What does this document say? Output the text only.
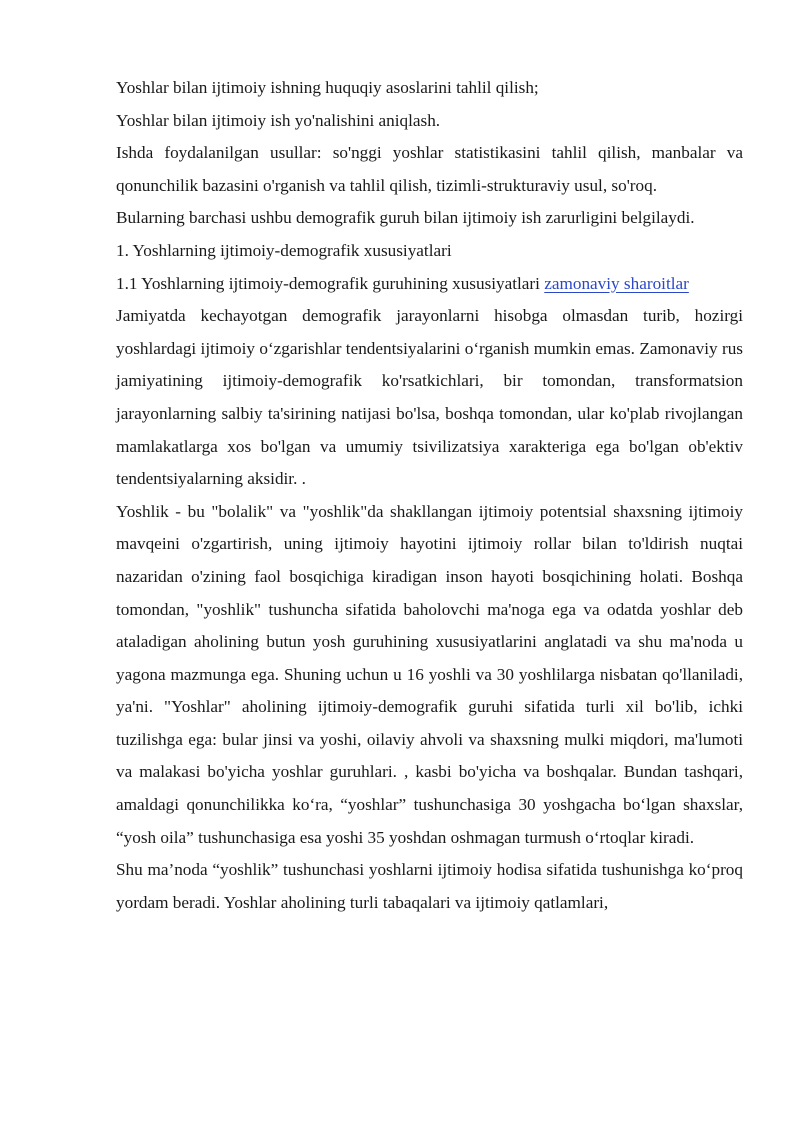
Yoshlar bilan ijtimoiy ishning huquqiy asoslarini tahlil qilish;

Yoshlar bilan ijtimoiy ish yo'nalishini aniqlash.

Ishda foydalanilgan usullar: so'nggi yoshlar statistikasini tahlil qilish, manbalar va qonunchilik bazasini o'rganish va tahlil qilish, tizimli-strukturaviy usul, so'roq.

Bularning barchasi ushbu demografik guruh bilan ijtimoiy ish zarurligini belgilaydi.

1. Yoshlarning ijtimoiy-demografik xususiyatlari

1.1 Yoshlarning ijtimoiy-demografik guruhining xususiyatlari zamonaviy sharoitlar

Jamiyatda kechayotgan demografik jarayonlarni hisobga olmasdan turib, hozirgi yoshlardagi ijtimoiy o‘zgarishlar tendentsiyalarini o‘rganish mumkin emas. Zamonaviy rus jamiyatining ijtimoiy-demografik ko'rsatkichlari, bir tomondan, transformatsion jarayonlarning salbiy ta'sirining natijasi bo'lsa, boshqa tomondan, ular ko'plab rivojlangan mamlakatlarga xos bo'lgan va umumiy tsivilizatsiya xarakteriga ega bo'lgan ob'ektiv tendentsiyalarning aksidir. .

Yoshlik - bu "bolalik" va "yoshlik"da shakllangan ijtimoiy potentsial shaxsning ijtimoiy mavqeini o'zgartirish, uning ijtimoiy hayotini ijtimoiy rollar bilan to'ldirish nuqtai nazaridan o'zining faol bosqichiga kiradigan inson hayoti bosqichining holati. Boshqa tomondan, "yoshlik" tushuncha sifatida baholovchi ma'noga ega va odatda yoshlar deb ataladigan aholining butun yosh guruhining xususiyatlarini anglatadi va shu ma'noda u yagona mazmunga ega. Shuning uchun u 16 yoshli va 30 yoshlilarga nisbatan qo'llaniladi, ya'ni. "Yoshlar" aholining ijtimoiy-demografik guruhi sifatida turli xil bo'lib, ichki tuzilishga ega: bular jinsi va yoshi, oilaviy ahvoli va shaxsning mulki miqdori, ma'lumoti va malakasi bo'yicha yoshlar guruhlari. , kasbi bo'yicha va boshqalar. Bundan tashqari, amaldagi qonunchilikka ko‘ra, “yoshlar” tushunchasiga 30 yoshgacha bo‘lgan shaxslar, “yosh oila” tushunchasiga esa yoshi 35 yoshdan oshmagan turmush o‘rtoqlar kiradi.

Shu ma’noda “yoshlik” tushunchasi yoshlarni ijtimoiy hodisa sifatida tushunishga ko‘proq yordam beradi. Yoshlar aholining turli tabaqalari va ijtimoiy qatlamlari,
